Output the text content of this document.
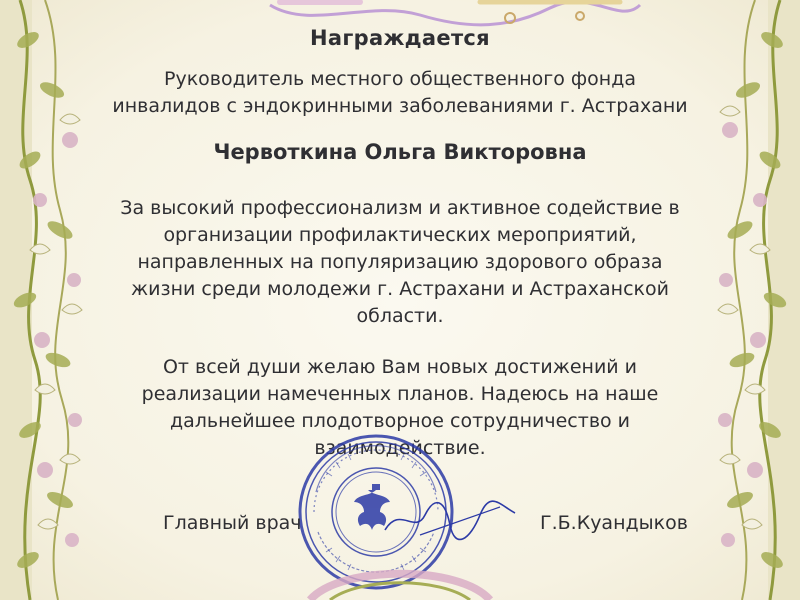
Награждается
Руководитель местного общественного фонда
инвалидов с эндокринными заболеваниями г. Астрахани
Червоткина Ольга Викторовна
За высокий профессионализм и активное содействие в
организации профилактических мероприятий,
направленных на популяризацию здорового образа
жизни среди молодежи г. Астрахани и Астраханской
области.
От всей души желаю Вам новых достижений и
реализации намеченных планов. Надеюсь на наше
дальнейшее плодотворное сотрудничество и
взаимодействие.
Главный врач	Г.Б.Куандыков
